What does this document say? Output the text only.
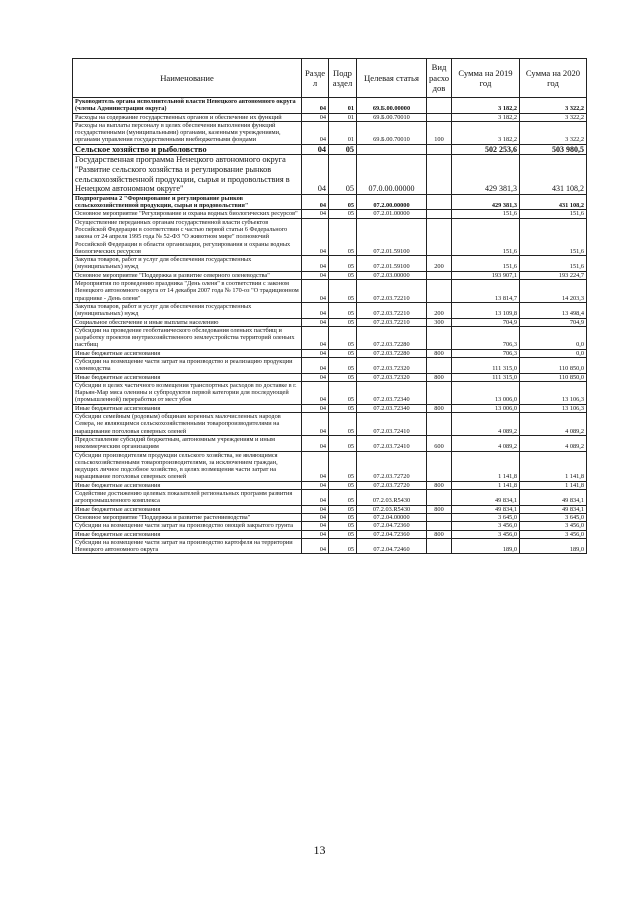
Наименование	Разде л	Подр аздел	Целевая статья	Вид расхо дов	Сумма на 2019 год	Сумма на 2020 год
Руководитель органа исполнительной власти Ненецкого автономного округа (члены Администрации округа)	04	01	69.Б.00.00000		3 182,2	3 322,2
Расходы на содержание государственных органов и обеспечение их функций	04	01	69.Б.00.70010		3 182,2	3 322,2
Расходы на выплаты персоналу в целях обеспечения выполнения функций государственными (муниципальными) органами, казенными учреждениями, органами управления государственными внебюджетными фондами	04	01	69.Б.00.70010	100	3 182,2	3 322,2
Сельское хозяйство и рыболовство	04	05			502 253,6	503 980,5
Государственная программа Ненецкого автономного округа "Развитие сельского хозяйства и регулирование рынков сельскохозяйственной продукции, сырья и продовольствия в Ненецком автономном округе"	04	05	07.0.00.00000		429 381,3	431 108,2
Подпрограмма 2 "Формирование и регулирование рынков сельскохозяйственной продукции, сырья и продовольствия"	04	05	07.2.00.00000		429 381,3	431 108,2
Основное мероприятие "Регулирование и охрана водных биологических ресурсов"	04	05	07.2.01.00000		151,6	151,6
Осуществление переданных органам государственной власти субъектов Российской Федерации в соответствии с частью первой статьи 6 Федерального закона от 24 апреля 1995 года № 52-ФЗ "О животном мире" полномочий Российской Федерации в области организации, регулирования и охраны водных биологических ресурсов	04	05	07.2.01.59100		151,6	151,6
Закупка товаров, работ и услуг для обеспечения государственных (муниципальных) нужд	04	05	07.2.01.59100	200	151,6	151,6
Основное мероприятие "Поддержка и развитие северного оленеводства"	04	05	07.2.03.00000		193 907,1	193 224,7
Мероприятия по проведению праздника "День оленя" в соответствии с законом Ненецкого автономного округа от 14 декабря 2007 года № 170-оз "О традиционном празднике - День оленя"	04	05	07.2.03.72210		13 814,7	14 203,3
Закупка товаров, работ и услуг для обеспечения государственных (муниципальных) нужд	04	05	07.2.03.72210	200	13 109,8	13 498,4
Социальное обеспечение и иные выплаты населению	04	05	07.2.03.72210	300	704,9	704,9
Субсидии на проведение геоботанического обследования оленьих пастбищ и разработку проектов внутрихозяйственного землеустройства территорий оленьих пастбищ	04	05	07.2.03.72280		706,3	0,0
Иные бюджетные ассигнования	04	05	07.2.03.72280	800	706,3	0,0
Субсидии на возмещение части затрат на производство и реализацию продукции оленеводства	04	05	07.2.03.72320		111 315,0	110 850,0
Иные бюджетные ассигнования	04	05	07.2.03.72320	800	111 315,0	110 850,0
Субсидии в целях частичного возмещения транспортных расходов по доставке в г. Нарьян-Мар мяса оленины и субпродуктов первой категории для последующей (промышленной) переработки от мест убоя	04	05	07.2.03.72340		13 006,0	13 106,3
Иные бюджетные ассигнования	04	05	07.2.03.72340	800	13 006,0	13 106,3
Субсидии семейным (родовым) общинам коренных малочисленных народов Севера, не являющимся сельскохозяйственными товаропроизводителями на наращивание поголовья северных оленей	04	05	07.2.03.72410		4 089,2	4 089,2
Предоставление субсидий бюджетным, автономным учреждениям и иным некоммерческим организациям	04	05	07.2.03.72410	600	4 089,2	4 089,2
Субсидии производителям продукции сельского хозяйства, не являющимся сельскохозяйственными товаропроизводителями, за исключением граждан, ведущих личное подсобное хозяйство, в целях возмещения части затрат на наращивание поголовья северных оленей	04	05	07.2.03.72720		1 141,8	1 141,8
Иные бюджетные ассигнования	04	05	07.2.03.72720	800	1 141,8	1 141,8
Содействие достижению целевых показателей региональных программ развития агропромышленного комплекса	04	05	07.2.03.R5430		49 834,1	49 834,1
Иные бюджетные ассигнования	04	05	07.2.03.R5430	800	49 834,1	49 834,1
Основное мероприятие "Поддержка и развитие растениеводства"	04	05	07.2.04.00000		3 645,0	3 645,0
Субсидии на возмещение части затрат на производство овощей закрытого грунта	04	05	07.2.04.72360		3 456,0	3 456,0
Иные бюджетные ассигнования	04	05	07.2.04.72360	800	3 456,0	3 456,0
Субсидии на возмещение части затрат на производство картофеля на территории Ненецкого автономного округа	04	05	07.2.04.72460		189,0	189,0
13
